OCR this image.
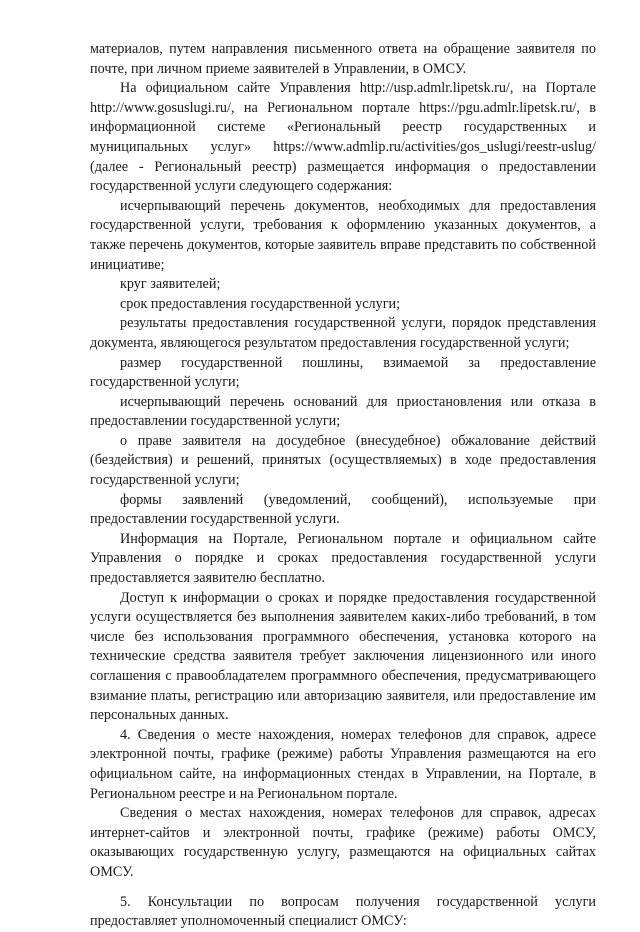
материалов, путем направления письменного ответа на обращение заявителя по почте, при личном приеме заявителей в Управлении, в ОМСУ.

На официальном сайте Управления http://usp.admlr.lipetsk.ru/, на Портале http://www.gosuslugi.ru/, на Региональном портале https://pgu.admlr.lipetsk.ru/, в информационной системе «Региональный реестр государственных и муниципальных услуг» https://www.admlip.ru/activities/gos_uslugi/reestr-uslug/ (далее - Региональный реестр) размещается информация о предоставлении государственной услуги следующего содержания:

исчерпывающий перечень документов, необходимых для предоставления государственной услуги, требования к оформлению указанных документов, а также перечень документов, которые заявитель вправе представить по собственной инициативе;

круг заявителей;

срок предоставления государственной услуги;

результаты предоставления государственной услуги, порядок представления документа, являющегося результатом предоставления государственной услуги;

размер государственной пошлины, взимаемой за предоставление государственной услуги;

исчерпывающий перечень оснований для приостановления или отказа в предоставлении государственной услуги;

о праве заявителя на досудебное (внесудебное) обжалование действий (бездействия) и решений, принятых (осуществляемых) в ходе предоставления государственной услуги;

формы заявлений (уведомлений, сообщений), используемые при предоставлении государственной услуги.

Информация на Портале, Региональном портале и официальном сайте Управления о порядке и сроках предоставления государственной услуги предоставляется заявителю бесплатно.

Доступ к информации о сроках и порядке предоставления государственной услуги осуществляется без выполнения заявителем каких-либо требований, в том числе без использования программного обеспечения, установка которого на технические средства заявителя требует заключения лицензионного или иного соглашения с правообладателем программного обеспечения, предусматривающего взимание платы, регистрацию или авторизацию заявителя, или предоставление им персональных данных.

4. Сведения о месте нахождения, номерах телефонов для справок, адресе электронной почты, графике (режиме) работы Управления размещаются на его официальном сайте, на информационных стендах в Управлении, на Портале, в Региональном реестре и на Региональном портале.

Сведения о местах нахождения, номерах телефонов для справок, адресах интернет-сайтов и электронной почты, графике (режиме) работы ОМСУ, оказывающих государственную услугу, размещаются на официальных сайтах ОМСУ.

5. Консультации по вопросам получения государственной услуги предоставляет уполномоченный специалист ОМСУ:
